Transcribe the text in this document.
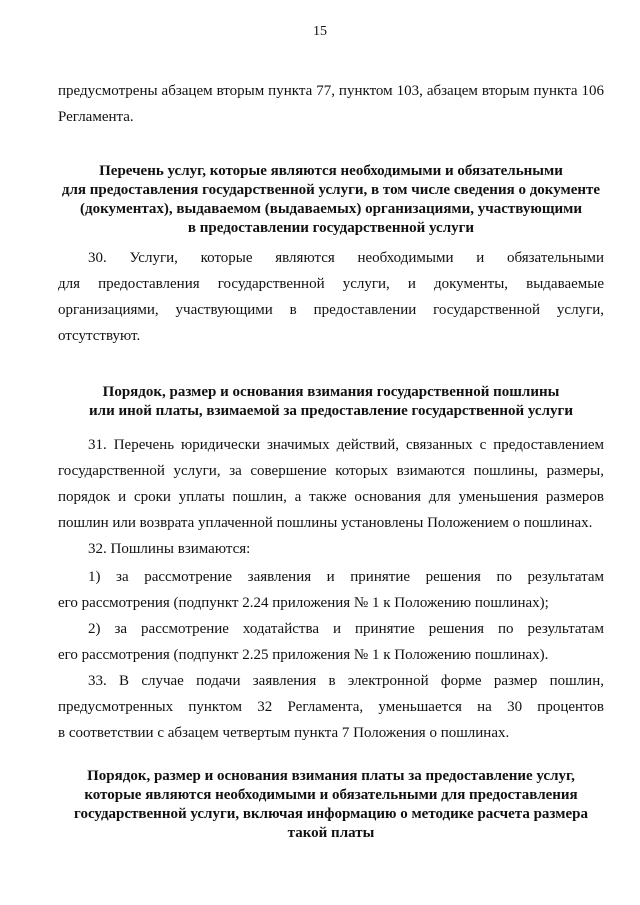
15

предусмотрены абзацем вторым пункта 77, пунктом 103, абзацем вторым пункта 106

Регламента.

Перечень услуг, которые являются необходимыми и обязательными

для предоставления государственной услуги, в том числе сведения о документе

(документах), выдаваемом (выдаваемых) организациями, участвующими

в предоставлении государственной услуги

30. Услуги, которые являются необходимыми и обязательными

для предоставления государственной услуги, и документы, выдаваемые

организациями, участвующими в предоставлении государственной услуги,

отсутствуют.

Порядок, размер и основания взимания государственной пошлины

или иной платы, взимаемой за предоставление государственной услуги

31. Перечень юридически значимых действий, связанных с предоставлением

государственной услуги, за совершение которых взимаются пошлины, размеры,

порядок и сроки уплаты пошлин, а также основания для уменьшения размеров

пошлин или возврата уплаченной пошлины установлены Положением о пошлинах.

32. Пошлины взимаются:

1) за рассмотрение заявления и принятие решения по результатам

его рассмотрения (подпункт 2.24 приложения № 1 к Положению пошлинах);

2) за рассмотрение ходатайства и принятие решения по результатам

его рассмотрения (подпункт 2.25 приложения № 1 к Положению пошлинах).

33. В случае подачи заявления в электронной форме размер пошлин,

предусмотренных пунктом 32 Регламента, уменьшается на 30 процентов

в соответствии с абзацем четвертым пункта 7 Положения о пошлинах.

Порядок, размер и основания взимания платы за предоставление услуг,

которые являются необходимыми и обязательными для предоставления

государственной услуги, включая информацию о методике расчета размера

такой платы
